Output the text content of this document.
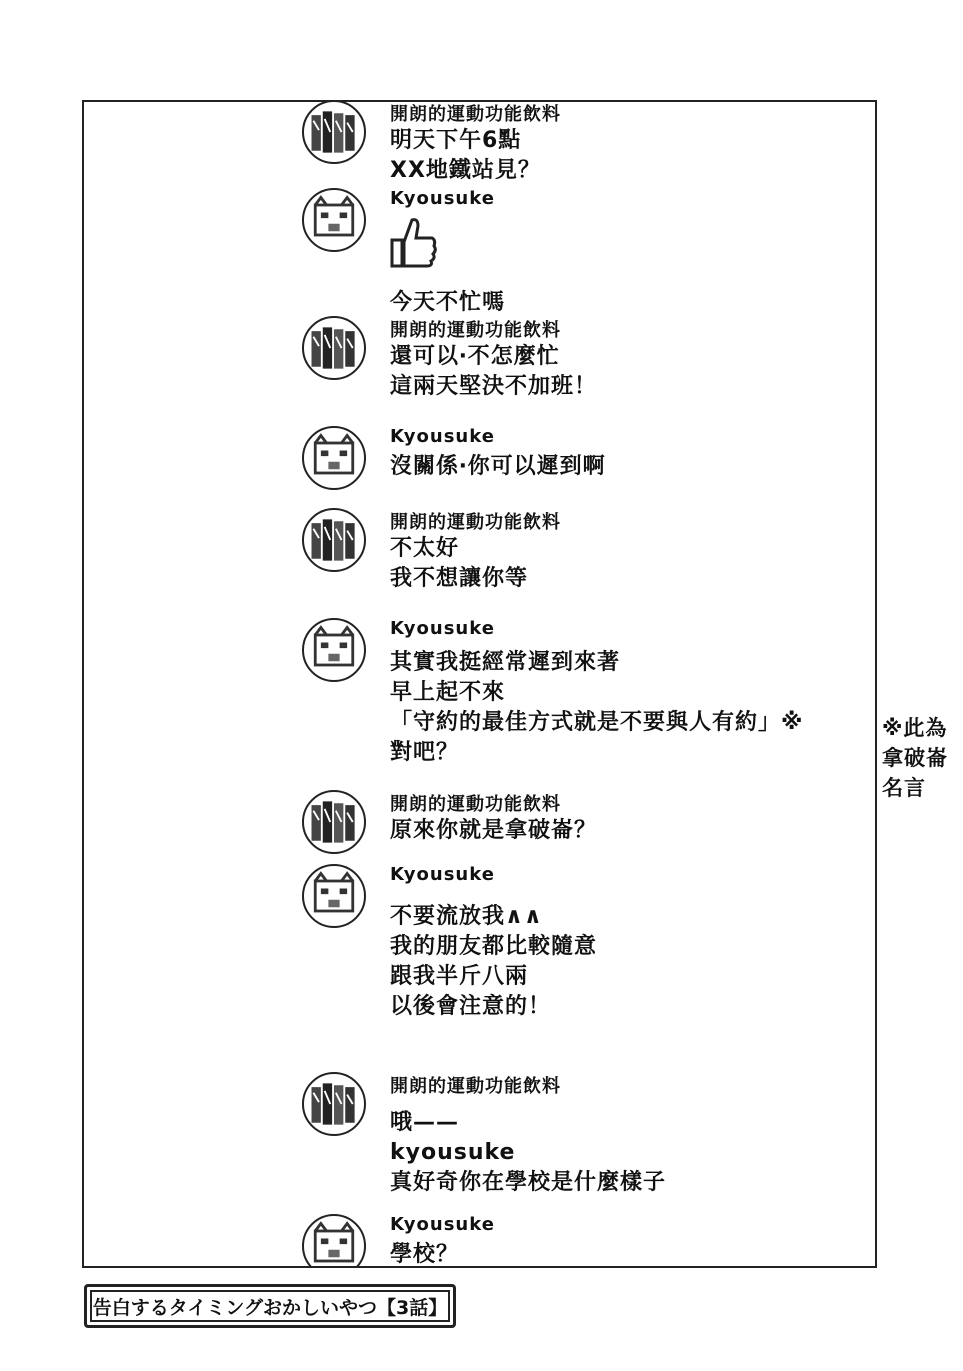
開朗的運動功能飲料
明天下午6點
XX地鐵站見？
Kyousuke
今天不忙嗎
開朗的運動功能飲料
還可以‧不怎麼忙
這兩天堅決不加班！
Kyousuke
沒關係‧你可以遲到啊
開朗的運動功能飲料
不太好
我不想讓你等
Kyousuke
其實我挺經常遲到來著
早上起不來
「守約的最佳方式就是不要與人有約」※
對吧？
開朗的運動功能飲料
原來你就是拿破崙？
Kyousuke
不要流放我∧∧
我的朋友都比較隨意
跟我半斤八兩
以後會注意的！
開朗的運動功能飲料
哦——
kyousuke
真好奇你在學校是什麼樣子
Kyousuke
學校？
※此為
拿破崙
名言
告白するタイミングおかしいやつ【3話】
